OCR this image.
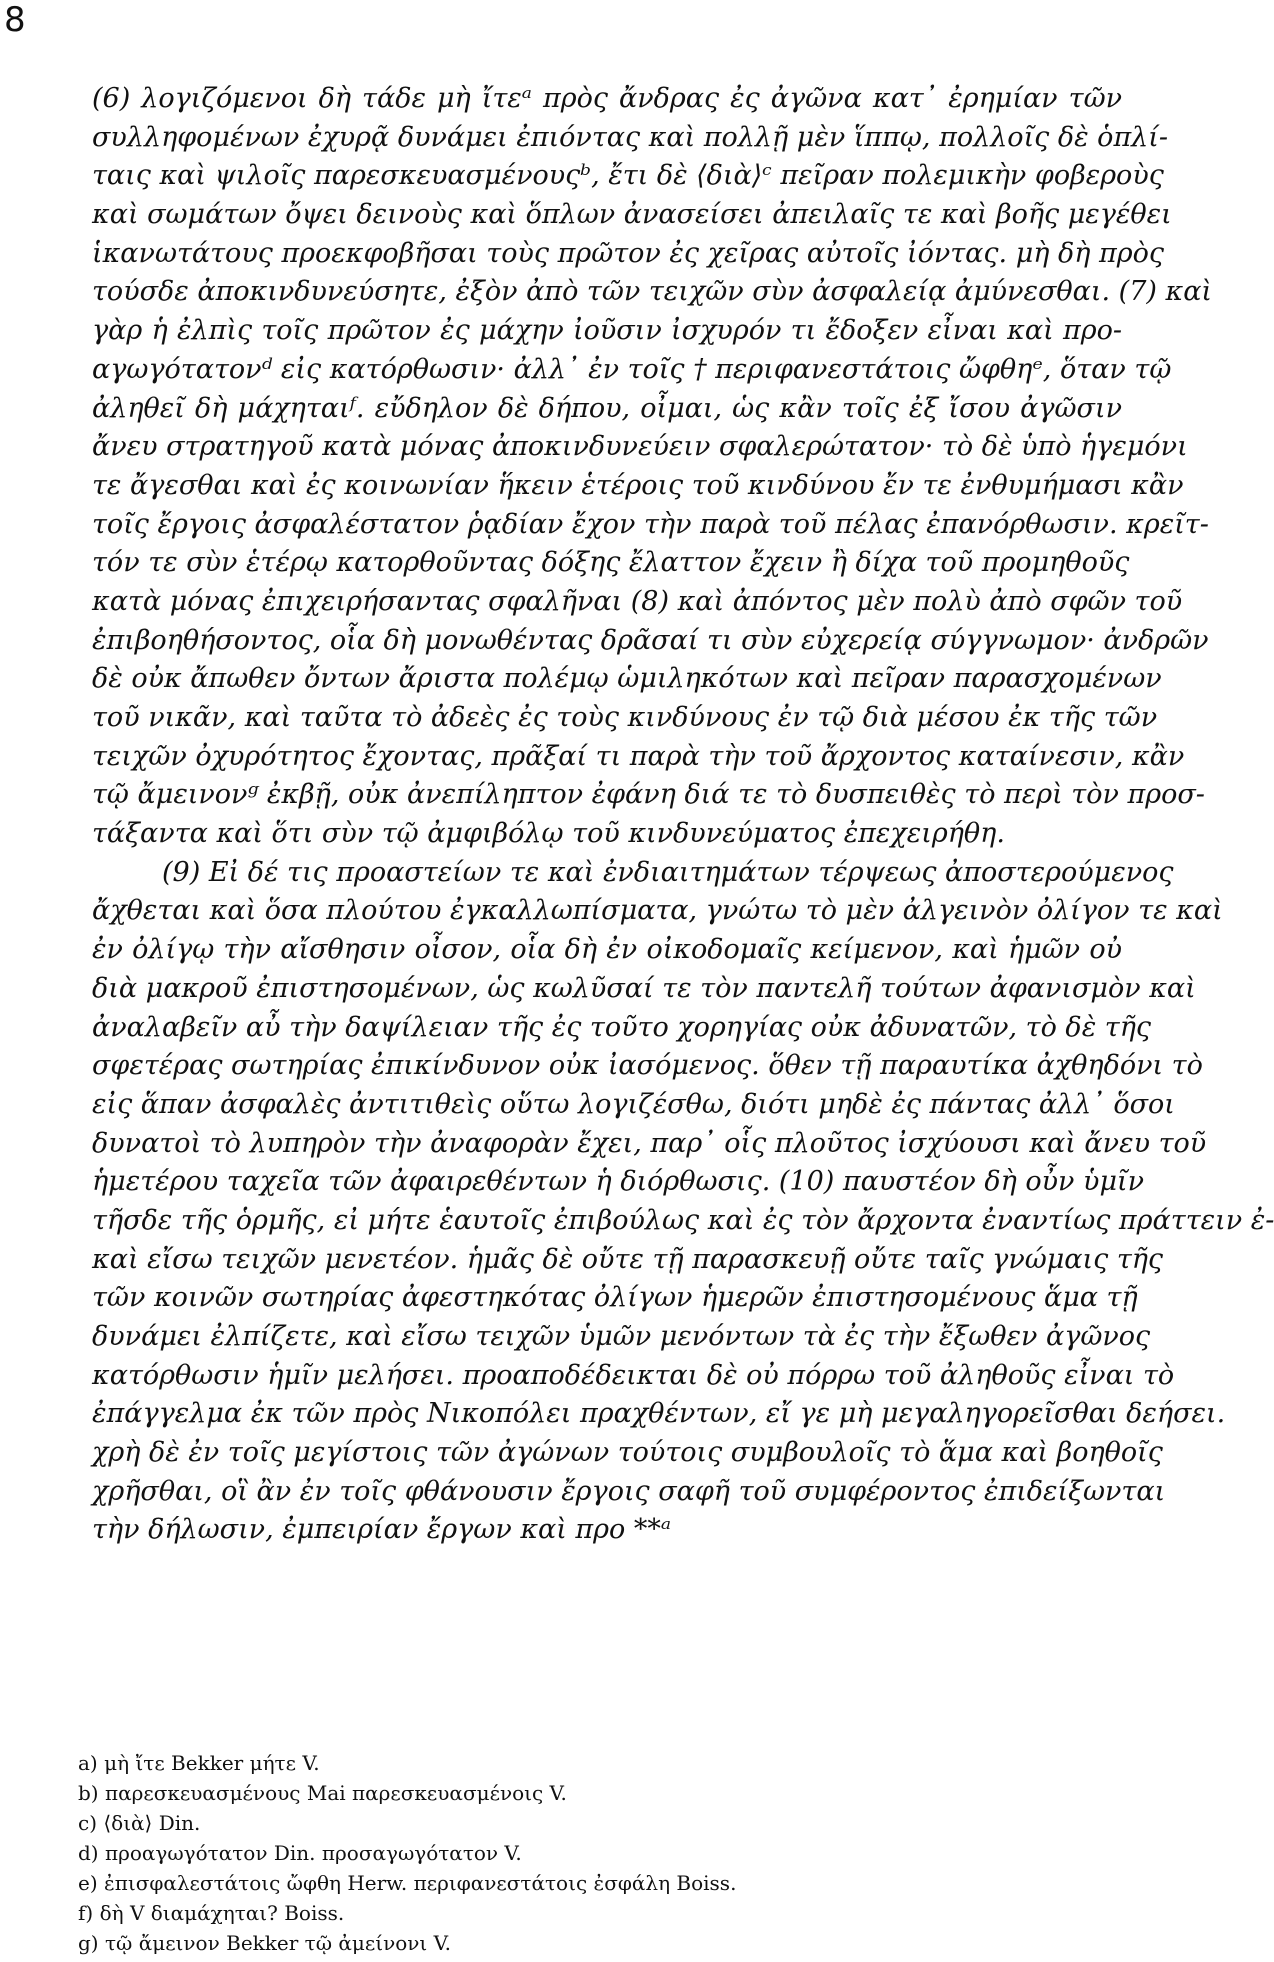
8
(6) λογιζόμενοι δὴ τάδε μὴ ἴτεᵃ πρὸς ἄνδρας ἐς ἀγῶνα κατ᾽ ἐρημίαν τῶν
συλληφομένων ἐχυρᾷ δυνάμει ἐπιόντας καὶ πολλῇ μὲν ἵππῳ, πολλοῖς δὲ ὁπλί-
ταις καὶ ψιλοῖς παρεσκευασμένουςᵇ, ἔτι δὲ ⟨διὰ⟩ᶜ πεῖραν πολεμικὴν φοβεροὺς
καὶ σωμάτων ὄψει δεινοὺς καὶ ὅπλων ἀνασείσει ἀπειλαῖς τε καὶ βοῆς μεγέθει
ἱκανωτάτους προεκφοβῆσαι τοὺς πρῶτον ἐς χεῖρας αὐτοῖς ἰόντας. μὴ δὴ πρὸς
τούσδε ἀποκινδυνεύσητε, ἐξὸν ἀπὸ τῶν τειχῶν σὺν ἀσφαλείᾳ ἀμύνεσθαι. (7) καὶ
γὰρ ἡ ἐλπὶς τοῖς πρῶτον ἐς μάχην ἰοῦσιν ἰσχυρόν τι ἔδοξεν εἶναι καὶ προ-
αγωγότατονᵈ εἰς κατόρθωσιν· ἀλλ᾽ ἐν τοῖς † περιφανεστάτοις ὤφθηᵉ, ὅταν τῷ
ἀληθεῖ δὴ μάχηταιᶠ. εὔδηλον δὲ δήπου, οἶμαι, ὡς κἂν τοῖς ἐξ ἴσου ἀγῶσιν
ἄνευ στρατηγοῦ κατὰ μόνας ἀποκινδυνεύειν σφαλερώτατον· τὸ δὲ ὑπὸ ἡγεμόνι
τε ἄγεσθαι καὶ ἐς κοινωνίαν ἥκειν ἑτέροις τοῦ κινδύνου ἔν τε ἐνθυμήμασι κἂν
τοῖς ἔργοις ἀσφαλέστατον ῥᾳδίαν ἔχον τὴν παρὰ τοῦ πέλας ἐπανόρθωσιν. κρεῖτ-
τόν τε σὺν ἑτέρῳ κατορθοῦντας δόξης ἔλαττον ἔχειν ἢ δίχα τοῦ προμηθοῦς
κατὰ μόνας ἐπιχειρήσαντας σφαλῆναι (8) καὶ ἀπόντος μὲν πολὺ ἀπὸ σφῶν τοῦ
ἐπιβοηθήσοντος, οἷα δὴ μονωθέντας δρᾶσαί τι σὺν εὐχερείᾳ σύγγνωμον· ἀνδρῶν
δὲ οὐκ ἄπωθεν ὄντων ἄριστα πολέμῳ ὡμιληκότων καὶ πεῖραν παρασχομένων
τοῦ νικᾶν, καὶ ταῦτα τὸ ἀδεὲς ἐς τοὺς κινδύνους ἐν τῷ διὰ μέσου ἐκ τῆς τῶν
τειχῶν ὀχυρότητος ἔχοντας, πρᾶξαί τι παρὰ τὴν τοῦ ἄρχοντος καταίνεσιν, κἂν
τῷ ἄμεινονᵍ ἐκβῇ, οὐκ ἀνεπίληπτον ἐφάνη διά τε τὸ δυσπειθὲς τὸ περὶ τὸν προσ-
τάξαντα καὶ ὅτι σὺν τῷ ἀμφιβόλῳ τοῦ κινδυνεύματος ἐπεχειρήθη.
(9) Εἰ δέ τις προαστείων τε καὶ ἐνδιαιτημάτων τέρψεως ἀποστερούμενος
ἄχθεται καὶ ὅσα πλούτου ἐγκαλλωπίσματα, γνώτω τὸ μὲν ἀλγεινὸν ὀλίγον τε καὶ
ἐν ὀλίγῳ τὴν αἴσθησιν οἶσον, οἷα δὴ ἐν οἰκοδομαῖς κείμενον, καὶ ἡμῶν οὐ
διὰ μακροῦ ἐπιστησομένων, ὡς κωλῦσαί τε τὸν παντελῆ τούτων ἀφανισμὸν καὶ
ἀναλαβεῖν αὖ τὴν δαψίλειαν τῆς ἐς τοῦτο χορηγίας οὐκ ἀδυνατῶν, τὸ δὲ τῆς
σφετέρας σωτηρίας ἐπικίνδυνον οὐκ ἰασόμενος. ὅθεν τῇ παραυτίκα ἀχθηδόνι τὸ
εἰς ἅπαν ἀσφαλὲς ἀντιτιθεὶς οὕτω λογιζέσθω, διότι μηδὲ ἐς πάντας ἀλλ᾽ ὅσοι
δυνατοὶ τὸ λυπηρὸν τὴν ἀναφορὰν ἔχει, παρ᾽ οἷς πλοῦτος ἰσχύουσι καὶ ἄνευ τοῦ
ἡμετέρου ταχεῖα τῶν ἀφαιρεθέντων ἡ διόρθωσις. (10) παυστέον δὴ οὖν ὑμῖν
τῆσδε τῆς ὁρμῆς, εἰ μήτε ἑαυτοῖς ἐπιβούλως καὶ ἐς τὸν ἄρχοντα ἐναντίως πράττειν ἐ-
καὶ εἴσω τειχῶν μενετέον. ἡμᾶς δὲ οὔτε τῇ παρασκευῇ οὔτε ταῖς γνώμαις τῆς
τῶν κοινῶν σωτηρίας ἀφεστηκότας ὀλίγων ἡμερῶν ἐπιστησομένους ἅμα τῇ
δυνάμει ἐλπίζετε, καὶ εἴσω τειχῶν ὑμῶν μενόντων τὰ ἐς τὴν ἔξωθεν ἀγῶνος
κατόρθωσιν ἡμῖν μελήσει. προαποδέδεικται δὲ οὐ πόρρω τοῦ ἀληθοῦς εἶναι τὸ
ἐπάγγελμα ἐκ τῶν πρὸς Νικοπόλει πραχθέντων, εἴ γε μὴ μεγαληγορεῖσθαι δεήσει.
χρὴ δὲ ἐν τοῖς μεγίστοις τῶν ἀγώνων τούτοις συμβουλοῖς τὸ ἅμα καὶ βοηθοῖς
χρῆσθαι, οἳ ἂν ἐν τοῖς φθάνουσιν ἔργοις σαφῆ τοῦ συμφέροντος ἐπιδείξωνται
τὴν δήλωσιν, ἐμπειρίαν ἔργων καὶ προ **ᵃ
a) μὴ ἴτε Bekker μήτε V.
b) παρεσκευασμένους Mai παρεσκευασμένοις V.
c) ⟨διὰ⟩ Din.
d) προαγωγότατον Din. προσαγωγότατον V.
e) ἐπισφαλεστάτοις ὤφθη Herw. περιφανεστάτοις ἐσφάλη Boiss.
f) δὴ V διαμάχηται? Boiss.
g) τῷ ἄμεινον Bekker τῷ ἀμείνονι V.
